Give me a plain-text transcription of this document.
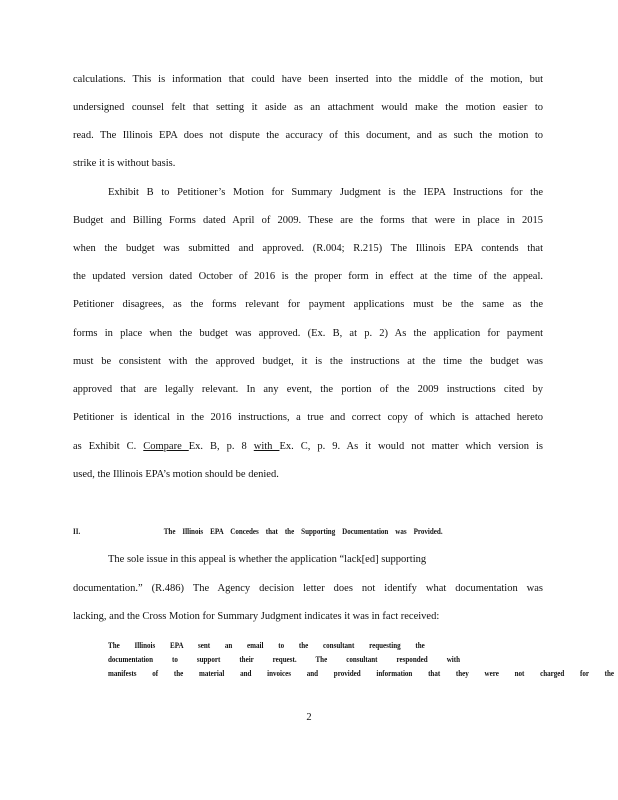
calculations. This is information that could have been inserted into the middle of the motion, but
undersigned counsel felt that setting it aside as an attachment would make the motion easier to
read. The Illinois EPA does not dispute the accuracy of this document, and as such the motion to
strike it is without basis.
Exhibit B to Petitioner’s Motion for Summary Judgment is the IEPA Instructions for the
Budget and Billing Forms dated April of 2009. These are the forms that were in place in 2015
when the budget was submitted and approved. (R.004; R.215) The Illinois EPA contends that
the updated version dated October of 2016 is the proper form in effect at the time of the appeal.
Petitioner disagrees, as the forms relevant for payment applications must be the same as the
forms in place when the budget was approved. (Ex. B, at p. 2) As the application for payment
must be consistent with the approved budget, it is the instructions at the time the budget was
approved that are legally relevant. In any event, the portion of the 2009 instructions cited by
Petitioner is identical in the 2016 instructions, a true and correct copy of which is attached hereto
as Exhibit C. Compare Ex. B, p. 8 with Ex. C, p. 9. As it would not matter which version is
used, the Illinois EPA’s motion should be denied.
II.	The Illinois EPA Concedes that the Supporting Documentation was Provided.
The sole issue in this appeal is whether the application “lack[ed] supporting
documentation.” (R.486) The Agency decision letter does not identify what documentation was
lacking, and the Cross Motion for Summary Judgment indicates it was in fact received:
The Illinois EPA sent an email to the consultant requesting the
documentation to support their request. The consultant responded with
manifests of the material and invoices and provided information that they were not charged for the
2
